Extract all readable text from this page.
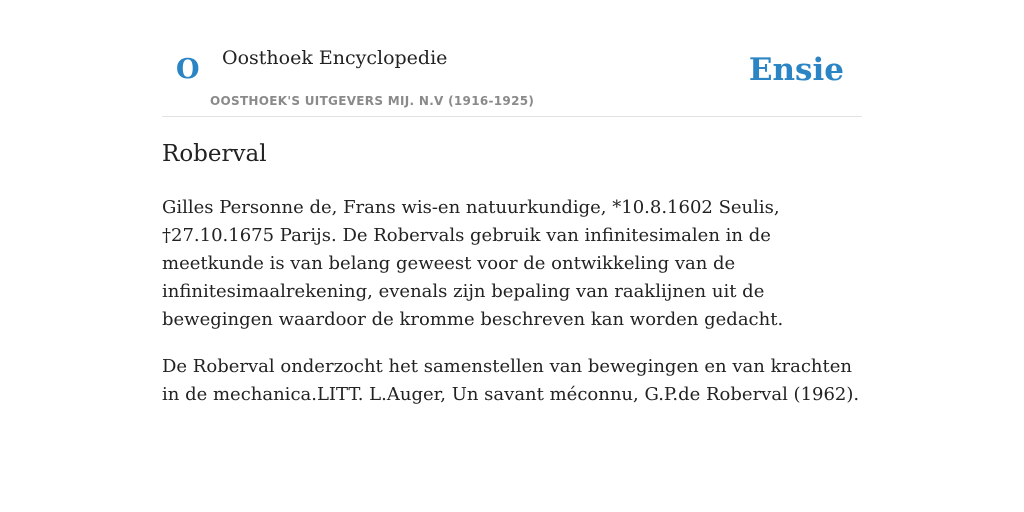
O Oosthoek Encyclopedie
OOSTHOEK'S UITGEVERS MIJ. N.V (1916-1925)
Ensie
Roberval

Gilles Personne de, Frans wis-en natuurkundige, *10.8.1602 Seulis, †27.10.1675 Parijs. De Robervals gebruik van infinitesimalen in de meetkunde is van belang geweest voor de ontwikkeling van de infinitesimaalrekening, evenals zijn bepaling van raaklijnen uit de bewegingen waardoor de kromme beschreven kan worden gedacht.

De Roberval onderzocht het samenstellen van bewegingen en van krachten in de mechanica.LITT. L.Auger, Un savant méconnu, G.P.de Roberval (1962).
